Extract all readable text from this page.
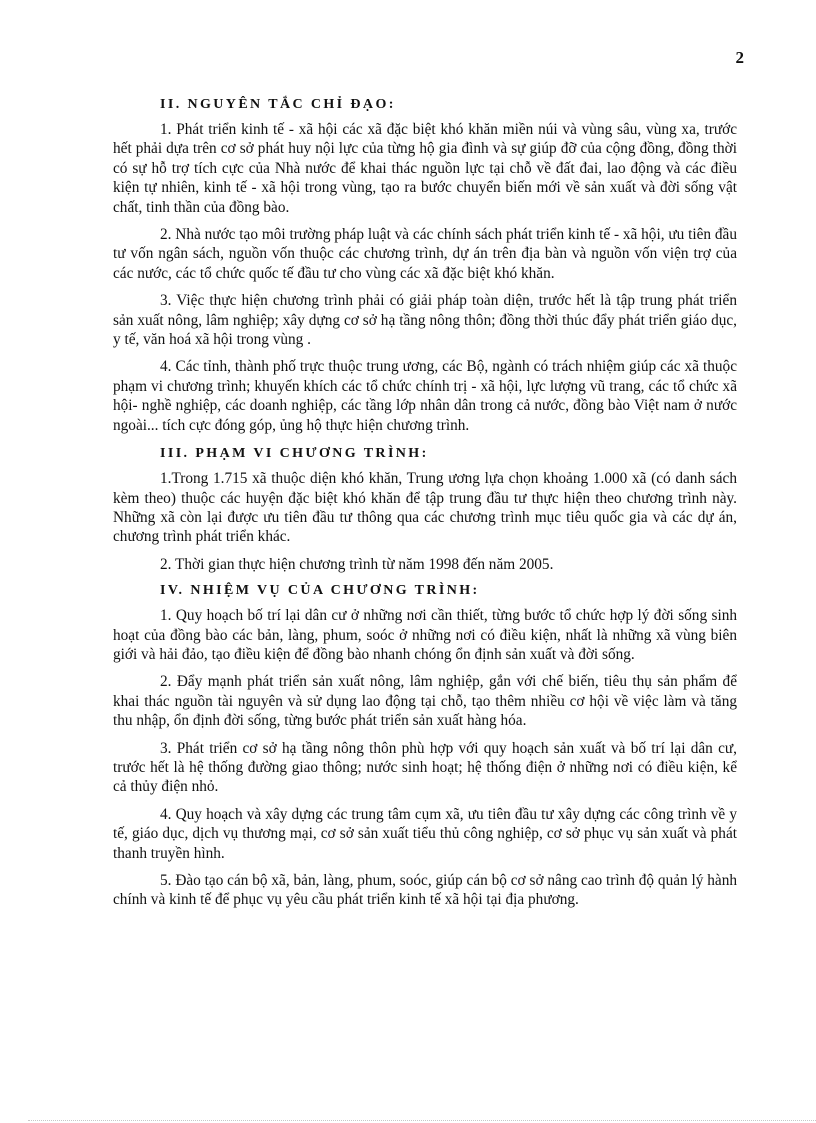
2
II. NGUYÊN TẮC CHỈ ĐẠO:

1. Phát triển kinh tế - xã hội các xã đặc biệt khó khăn miền núi và vùng sâu, vùng xa, trước hết phải dựa trên cơ sở phát huy nội lực của từng hộ gia đình và sự giúp đỡ của cộng đồng, đồng thời có sự hỗ trợ tích cực của Nhà nước để khai thác nguồn lực tại chỗ về đất đai, lao động và các điều kiện tự nhiên, kinh tế - xã hội trong vùng, tạo ra bước chuyển biến mới về sản xuất và đời sống vật chất, tinh thần của đồng bào.

2. Nhà nước tạo môi trường pháp luật và các chính sách phát triển kinh tế - xã hội, ưu tiên đầu tư vốn ngân sách, nguồn vốn thuộc các chương trình, dự án trên địa bàn và nguồn vốn viện trợ của các nước, các tổ chức quốc tế đầu tư cho vùng các xã đặc biệt khó khăn.

3. Việc thực hiện chương trình phải có giải pháp toàn diện, trước hết là tập trung phát triển sản xuất nông, lâm nghiệp; xây dựng cơ sở hạ tầng nông thôn; đồng thời thúc đẩy phát triển giáo dục, y tế, văn hoá xã hội trong vùng .

4. Các tỉnh, thành phố trực thuộc trung ương, các Bộ, ngành có trách nhiệm giúp các xã thuộc phạm vi chương trình; khuyến khích các tổ chức chính trị - xã hội, lực lượng vũ trang, các tổ chức xã hội- nghề nghiệp, các doanh nghiệp, các tầng lớp nhân dân trong cả nước, đồng bào Việt nam ở nước ngoài... tích cực đóng góp, ủng hộ thực hiện chương trình.

III. PHẠM VI CHƯƠNG TRÌNH:

1.Trong 1.715 xã thuộc diện khó khăn, Trung ương lựa chọn khoảng 1.000 xã (có danh sách kèm theo) thuộc các huyện đặc biệt khó khăn để tập trung đầu tư thực hiện theo chương trình này. Những xã còn lại được ưu tiên đầu tư thông qua các chương trình mục tiêu quốc gia và các dự án, chương trình phát triển khác.

2. Thời gian thực hiện chương trình từ năm 1998 đến năm 2005.

IV. NHIỆM VỤ CỦA CHƯƠNG TRÌNH:

1. Quy hoạch bố trí lại dân cư ở những nơi cần thiết, từng bước tổ chức hợp lý đời sống sinh hoạt của đồng bào các bản, làng, phum, soóc ở những nơi có điều kiện, nhất là những xã vùng biên giới và hải đảo, tạo điều kiện để đồng bào nhanh chóng ổn định sản xuất và đời sống.

2. Đẩy mạnh phát triển sản xuất nông, lâm nghiệp, gắn với chế biến, tiêu thụ sản phẩm để khai thác nguồn tài nguyên và sử dụng lao động tại chỗ, tạo thêm nhiều cơ hội về việc làm và tăng thu nhập, ổn định đời sống, từng bước phát triển sản xuất hàng hóa.

3. Phát triển cơ sở hạ tầng nông thôn phù hợp với quy hoạch sản xuất và bố trí lại dân cư, trước hết là hệ thống đường giao thông; nước sinh hoạt; hệ thống điện ở những nơi có điều kiện, kể cả thủy điện nhỏ.

4. Quy hoạch và xây dựng các trung tâm cụm xã, ưu tiên đầu tư xây dựng các công trình về y tế, giáo dục, dịch vụ thương mại, cơ sở sản xuất tiểu thủ công nghiệp, cơ sở phục vụ sản xuất và phát thanh truyền hình.

5. Đào tạo cán bộ xã, bản, làng, phum, soóc, giúp cán bộ cơ sở nâng cao trình độ quản lý hành chính và kinh tế để phục vụ yêu cầu phát triển kinh tế xã hội tại địa phương.
